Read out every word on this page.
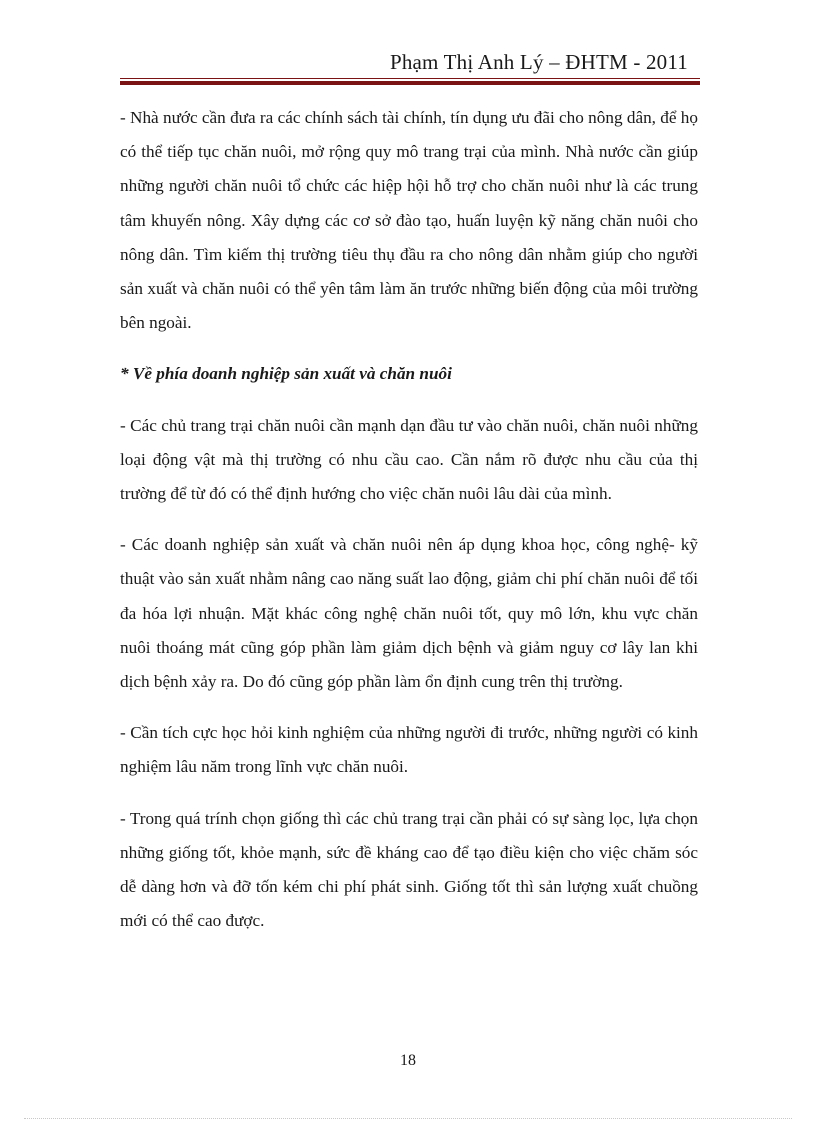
Phạm Thị Anh Lý – ĐHTM - 2011

- Nhà nước cần đưa ra các chính sách tài chính, tín dụng ưu đãi cho nông dân, để họ có thể tiếp tục chăn nuôi, mở rộng quy mô trang trại của mình. Nhà nước cần giúp những người chăn nuôi tổ chức các hiệp hội hỗ trợ cho chăn nuôi như là các trung tâm khuyến nông. Xây dựng các cơ sở đào tạo, huấn luyện kỹ năng chăn nuôi cho nông dân. Tìm kiếm thị trường tiêu thụ đầu ra cho nông dân nhằm giúp cho người sản xuất và chăn nuôi có thể yên tâm làm ăn trước những biến động của môi trường bên ngoài.

* Về phía doanh nghiệp sản xuất và chăn nuôi

- Các chủ trang trại chăn nuôi cần mạnh dạn đầu tư vào chăn nuôi, chăn nuôi những loại động vật mà thị trường có nhu cầu cao. Cần nắm rõ được nhu cầu của thị trường để từ đó có thể định hướng cho việc chăn nuôi lâu dài của mình.

- Các doanh nghiệp sản xuất và chăn nuôi nên áp dụng khoa học, công nghệ- kỹ thuật vào sản xuất nhằm nâng cao năng suất lao động, giảm chi phí chăn nuôi để tối đa hóa lợi nhuận. Mặt khác công nghệ chăn nuôi tốt, quy mô lớn, khu vực chăn nuôi thoáng mát cũng góp phần làm giảm dịch bệnh và giảm nguy cơ lây lan khi dịch bệnh xảy ra. Do đó cũng góp phần làm ổn định cung trên thị trường.

- Cần tích cực học hỏi kinh nghiệm của những người đi trước, những người có kinh nghiệm lâu năm trong lĩnh vực chăn nuôi.

- Trong quá trính chọn giống thì các chủ trang trại cần phải có sự sàng lọc, lựa chọn những giống tốt, khỏe mạnh, sức đề kháng cao để tạo điều kiện cho việc chăm sóc dễ dàng hơn và đỡ tốn kém chi phí phát sinh. Giống tốt thì sản lượng xuất chuồng mới có thể cao được.

18
